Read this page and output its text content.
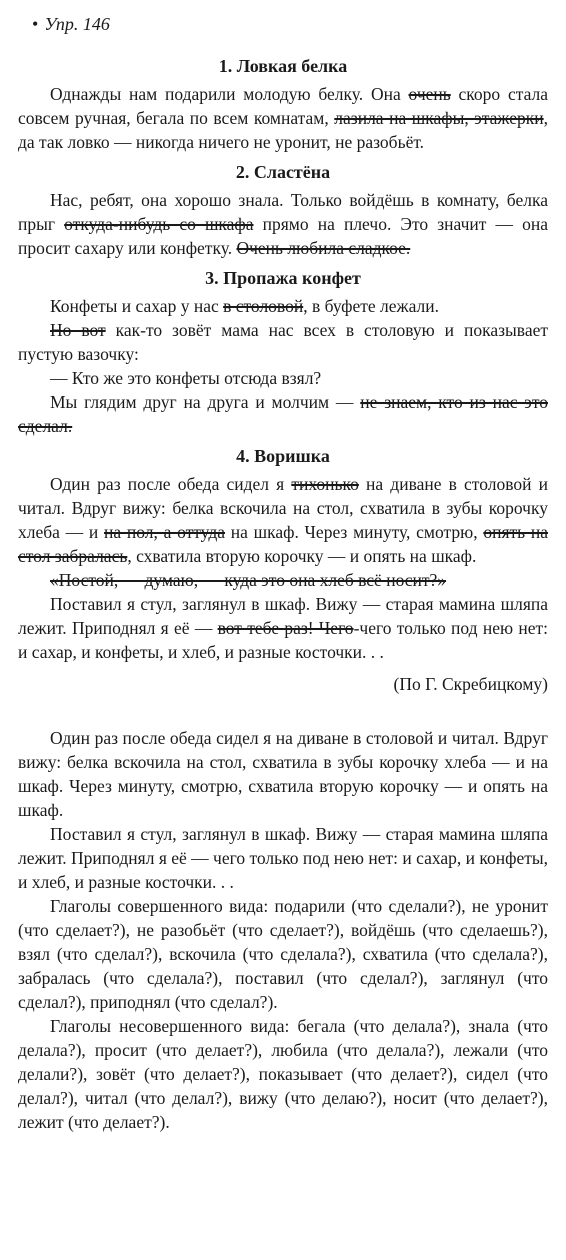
• Упр. 146
1. Ловкая белка

Однажды нам подарили молодую белку. Она очень скоро стала совсем ручная, бегала по всем комнатам, лазила на шкафы, этажерки, да так ловко — никогда ничего не уронит, не разобьёт.

2. Сластёна

Нас, ребят, она хорошо знала. Только войдёшь в комнату, белка прыг откуда-нибудь со шкафа прямо на плечо. Это значит — она просит сахару или конфетку. Очень любила сладкое.

3. Пропажа конфет

Конфеты и сахар у нас в столовой, в буфете лежали.

Но вот как-то зовёт мама нас всех в столовую и показывает пустую вазочку:

— Кто же это конфеты отсюда взял?

Мы глядим друг на друга и молчим — не знаем, кто из нас это сделал.

4. Воришка

Один раз после обеда сидел я тихонько на диване в столовой и читал. Вдруг вижу: белка вскочила на стол, схватила в зубы корочку хлеба — и на пол, а оттуда на шкаф. Через минуту, смотрю, опять на стол забралась, схватила вторую корочку — и опять на шкаф.

«Постой, — думаю, — куда это она хлеб всё носит?»

Поставил я стул, заглянул в шкаф. Вижу — старая мамина шляпа лежит. Приподнял я её — вот тебе раз! Чего-чего только под нею нет: и сахар, и конфеты, и хлеб, и разные косточки. . .

(По Г. Скребицкому)

Один раз после обеда сидел я на диване в столовой и читал. Вдруг вижу: белка вскочила на стол, схватила в зубы корочку хлеба — и на шкаф. Через минуту, смотрю, схватила вторую корочку — и опять на шкаф.

Поставил я стул, заглянул в шкаф. Вижу — старая мамина шляпа лежит. Приподнял я её — чего только под нею нет: и сахар, и конфеты, и хлеб, и разные косточки. . .

Глаголы совершенного вида: подарили (что сделали?), не уронит (что сделает?), не разобьёт (что сделает?), войдёшь (что сделаешь?), взял (что сделал?), вскочила (что сделала?), схватила (что сделала?), забралась (что сделала?), поставил (что сделал?), заглянул (что сделал?), приподнял (что сделал?).

Глаголы несовершенного вида: бегала (что делала?), знала (что делала?), просит (что делает?), любила (что делала?), лежали (что делали?), зовёт (что делает?), показывает (что делает?), сидел (что делал?), читал (что делал?), вижу (что делаю?), носит (что делает?), лежит (что делает?).
